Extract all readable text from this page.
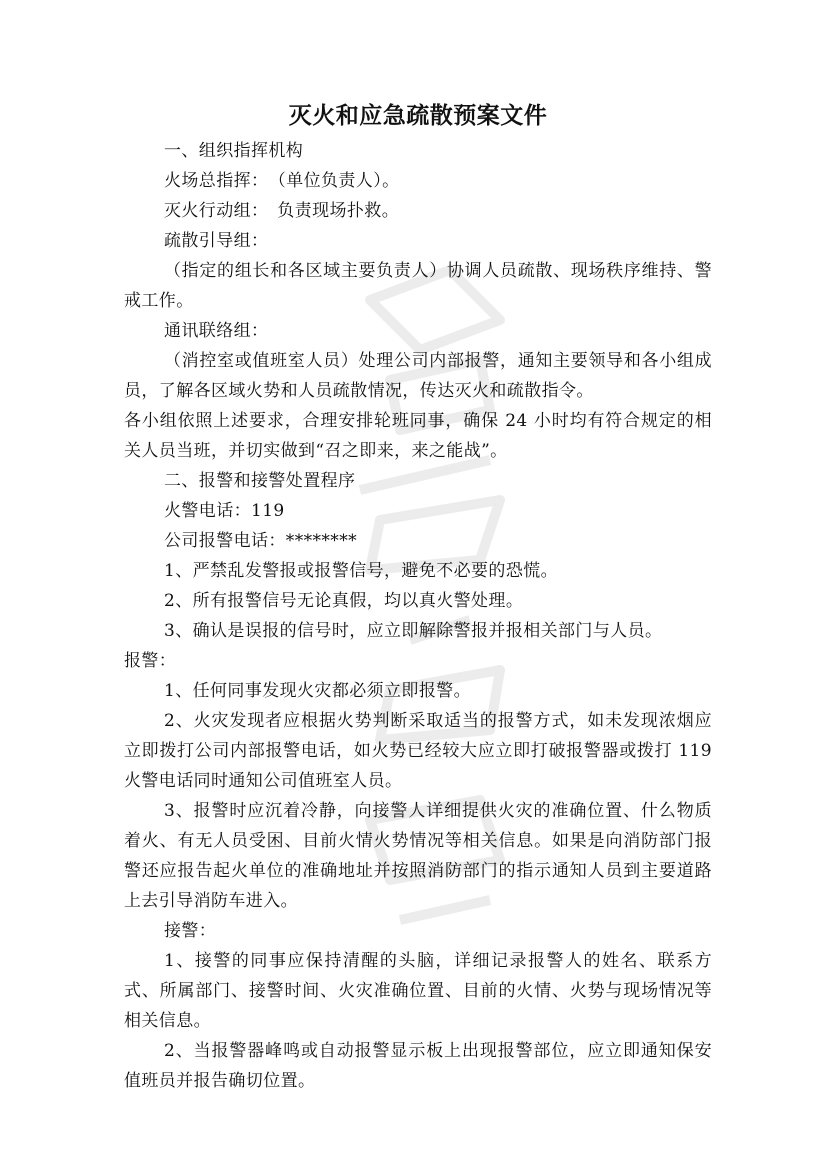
灭火和应急疏散预案文件

一、组织指挥机构

火场总指挥：　（单位负责人）。

灭火行动组：　负责现场扑救。

疏散引导组：

（指定的组长和各区域主要负责人）协调人员疏散、现场秩序维持、警戒工作。

通讯联络组：

（消控室或值班室人员）处理公司内部报警，通知主要领导和各小组成员，了解各区域火势和人员疏散情况，传达灭火和疏散指令。

各小组依照上述要求，合理安排轮班同事，确保 24 小时均有符合规定的相关人员当班，并切实做到“召之即来，来之能战”。

二、报警和接警处置程序

火警电话：119

公司报警电话：********

1、严禁乱发警报或报警信号，避免不必要的恐慌。

2、所有报警信号无论真假，均以真火警处理。

3、确认是误报的信号时，应立即解除警报并报相关部门与人员。

报警：

1、任何同事发现火灾都必须立即报警。

2、火灾发现者应根据火势判断采取适当的报警方式，如未发现浓烟应立即拨打公司内部报警电话，如火势已经较大应立即打破报警器或拨打 119 火警电话同时通知公司值班室人员。

3、报警时应沉着冷静，向接警人详细提供火灾的准确位置、什么物质着火、有无人员受困、目前火情火势情况等相关信息。如果是向消防部门报警还应报告起火单位的准确地址并按照消防部门的指示通知人员到主要道路上去引导消防车进入。

接警：

1、接警的同事应保持清醒的头脑，详细记录报警人的姓名、联系方式、所属部门、接警时间、火灾准确位置、目前的火情、火势与现场情况等相关信息。

2、当报警器峰鸣或自动报警显示板上出现报警部位，应立即通知保安值班员并报告确切位置。
